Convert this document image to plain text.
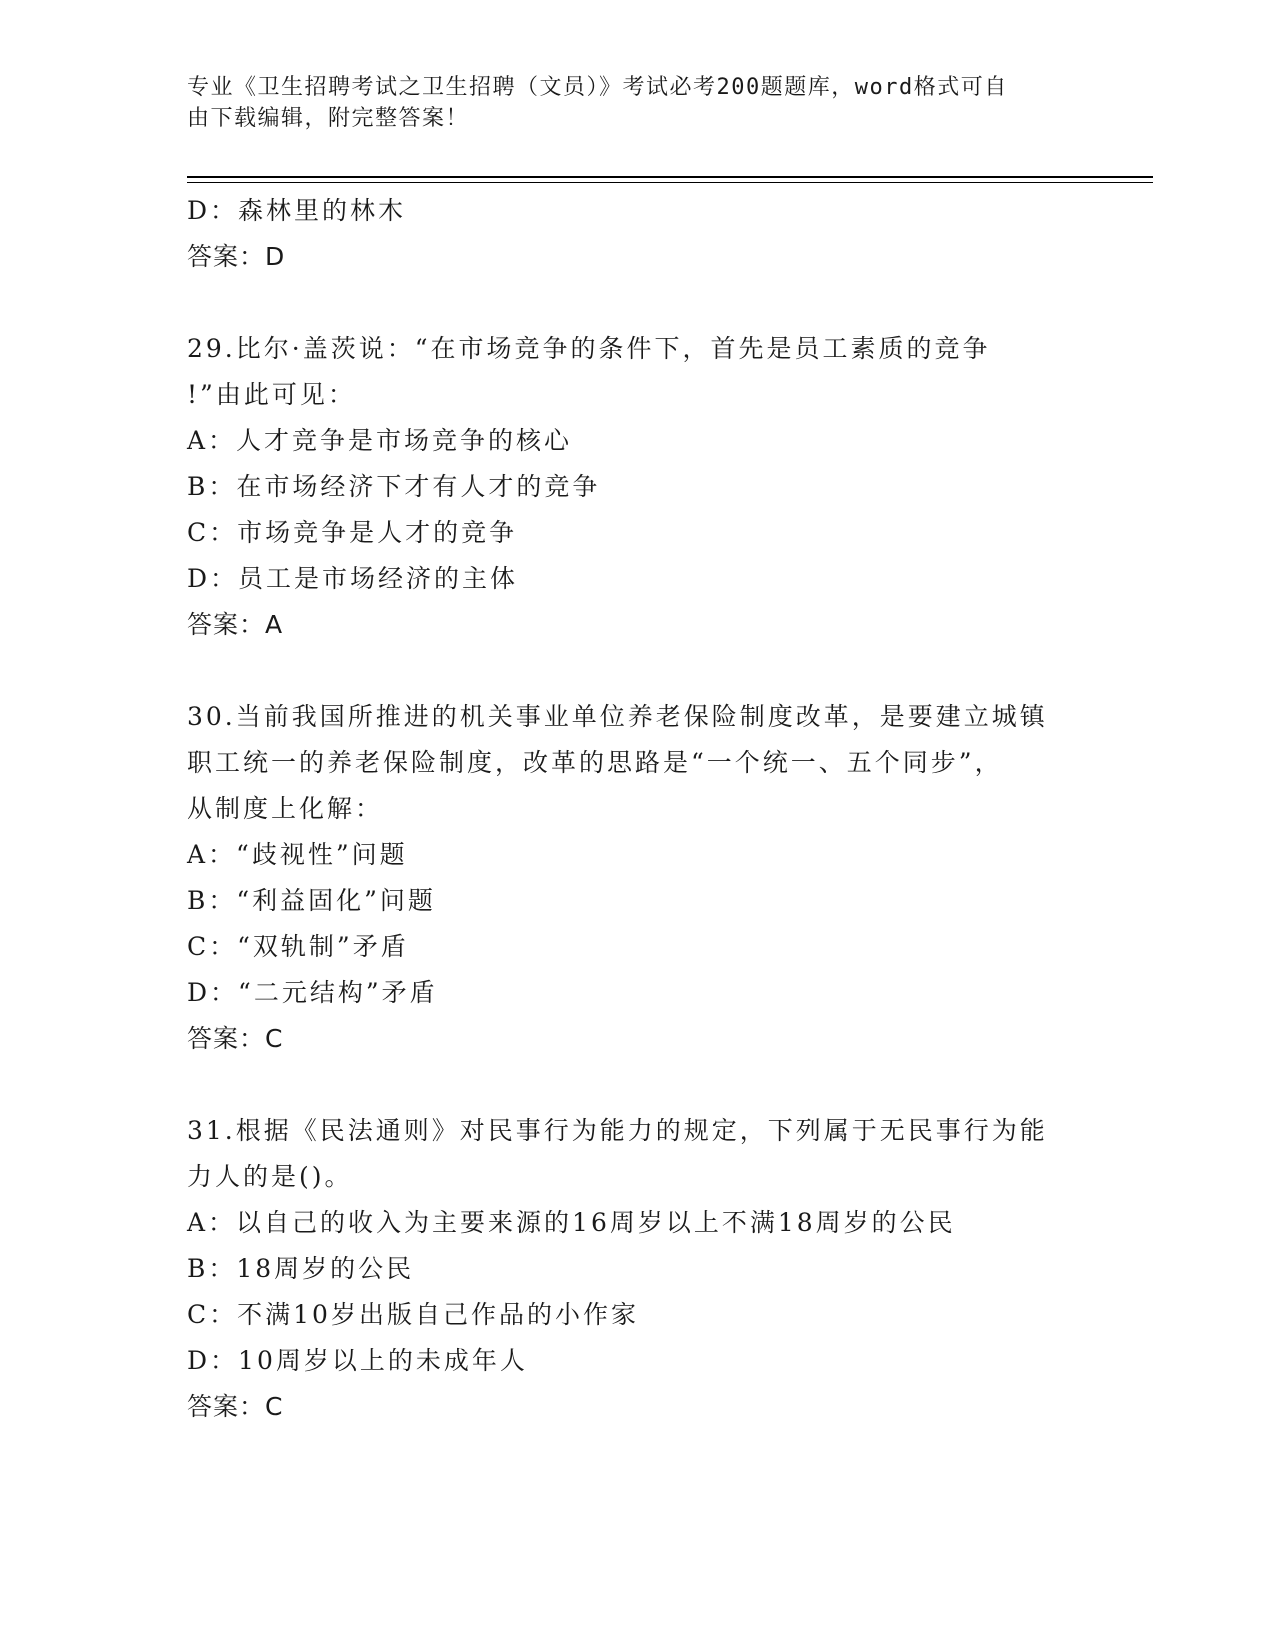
专业《卫生招聘考试之卫生招聘（文员）》考试必考200题题库，word格式可自
由下载编辑，附完整答案！
D：森林里的林木
答案：D
29.比尔·盖茨说：“在市场竞争的条件下，首先是员工素质的竞争
!”由此可见：
A：人才竞争是市场竞争的核心
B：在市场经济下才有人才的竞争
C：市场竞争是人才的竞争
D：员工是市场经济的主体
答案：A
30.当前我国所推进的机关事业单位养老保险制度改革，是要建立城镇
职工统一的养老保险制度，改革的思路是“一个统一、五个同步”，
从制度上化解：
A：“歧视性”问题
B：“利益固化”问题
C：“双轨制”矛盾
D：“二元结构”矛盾
答案：C
31.根据《民法通则》对民事行为能力的规定，下列属于无民事行为能
力人的是()。
A：以自己的收入为主要来源的16周岁以上不满18周岁的公民
B：18周岁的公民
C：不满10岁出版自己作品的小作家
D：10周岁以上的未成年人
答案：C
